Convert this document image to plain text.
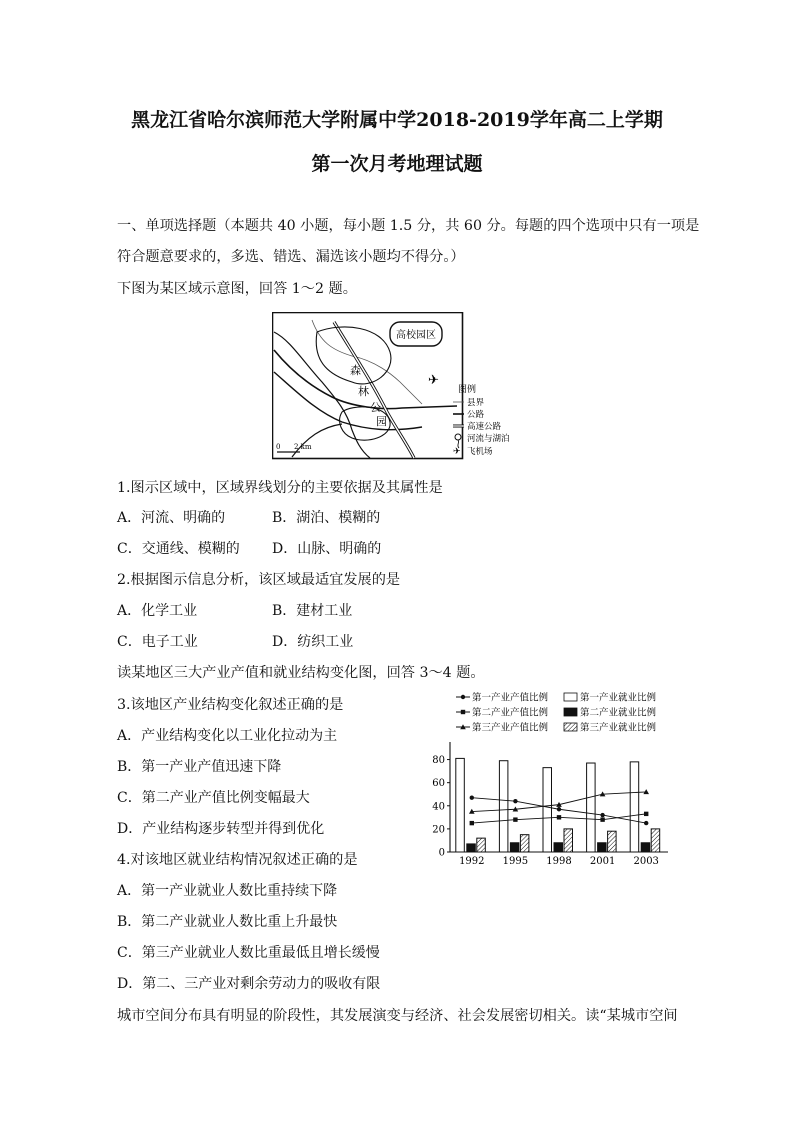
黑龙江省哈尔滨师范大学附属中学2018-2019学年高二上学期
第一次月考地理试题
一、单项选择题（本题共 40 小题，每小题 1.5 分，共 60 分。每题的四个选项中只有一项是
符合题意要求的，多选、错选、漏选该小题均不得分。）
下图为某区域示意图，回答 1～2 题。
高校园区
森
林
公
园
✈
0 2 km
图例
县界
公路
高速公路
河流与湖泊
✈ 飞机场
1.图示区域中，区域界线划分的主要依据及其属性是
A．河流、明确的	B．湖泊、模糊的
C．交通线、模糊的 D．山脉、明确的
2.根据图示信息分析，该区域最适宜发展的是
A．化学工业	B．建材工业
C．电子工业	D．纺织工业
读某地区三大产业产值和就业结构变化图，回答 3～4 题。
3.该地区产业结构变化叙述正确的是
A．产业结构变化以工业化拉动为主
B．第一产业产值迅速下降
C．第二产业产值比例变幅最大
D．产业结构逐步转型并得到优化
4.对该地区就业结构情况叙述正确的是
A．第一产业就业人数比重持续下降
B．第二产业就业人数比重上升最快
C．第三产业就业人数比重最低且增长缓慢
D．第二、三产业对剩余劳动力的吸收有限
城市空间分布具有明显的阶段性，其发展演变与经济、社会发展密切相关。读“某城市空间
第一产业产值比例
第二产业产值比例
第三产业产值比例
第一产业就业比例
第二产业就业比例
第三产业就业比例
0
20
40
60
80
1992 1995 1998 2001 2003
